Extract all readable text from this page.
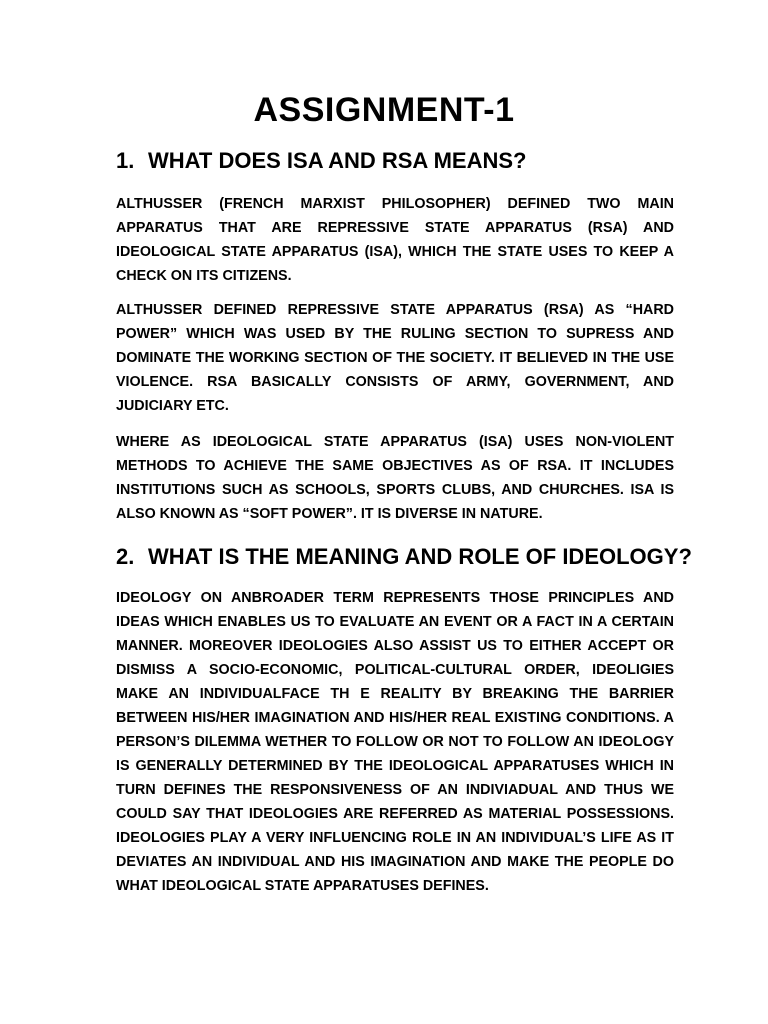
ASSIGNMENT-1
1. WHAT DOES ISA AND RSA MEANS?

ALTHUSSER (FRENCH MARXIST PHILOSOPHER) DEFINED TWO MAIN APPARATUS THAT ARE REPRESSIVE STATE APPARATUS (RSA) AND IDEOLOGICAL STATE APPARATUS (ISA), WHICH THE STATE USES TO KEEP A CHECK ON ITS CITIZENS.

ALTHUSSER DEFINED REPRESSIVE STATE APPARATUS (RSA) AS “HARD POWER” WHICH WAS USED BY THE RULING SECTION TO SUPRESS AND DOMINATE THE WORKING SECTION OF THE SOCIETY. IT BELIEVED IN THE USE VIOLENCE. RSA BASICALLY CONSISTS OF ARMY, GOVERNMENT, AND JUDICIARY ETC.

WHERE AS IDEOLOGICAL STATE APPARATUS (ISA) USES NON-VIOLENT METHODS TO ACHIEVE THE SAME OBJECTIVES AS OF RSA. IT INCLUDES INSTITUTIONS SUCH AS SCHOOLS, SPORTS CLUBS, AND CHURCHES. ISA IS ALSO KNOWN AS “SOFT POWER”. IT IS DIVERSE IN NATURE.

2. WHAT IS THE MEANING AND ROLE OF IDEOLOGY?

IDEOLOGY ON ANBROADER TERM REPRESENTS THOSE PRINCIPLES AND IDEAS WHICH ENABLES US TO EVALUATE AN EVENT OR A FACT IN A CERTAIN MANNER. MOREOVER IDEOLOGIES ALSO ASSIST US TO EITHER ACCEPT OR DISMISS A SOCIO-ECONOMIC, POLITICAL-CULTURAL ORDER, IDEOLIGIES MAKE AN INDIVIDUALFACE TH E REALITY BY BREAKING THE BARRIER BETWEEN HIS/HER IMAGINATION AND HIS/HER REAL EXISTING CONDITIONS. A PERSON’S DILEMMA WETHER TO FOLLOW OR NOT TO FOLLOW AN IDEOLOGY IS GENERALLY DETERMINED BY THE IDEOLOGICAL APPARATUSES WHICH IN TURN DEFINES THE RESPONSIVENESS OF AN INDIVIADUAL AND THUS WE COULD SAY THAT IDEOLOGIES ARE REFERRED AS MATERIAL POSSESSIONS. IDEOLOGIES PLAY A VERY INFLUENCING ROLE IN AN INDIVIDUAL’S LIFE AS IT DEVIATES AN INDIVIDUAL AND HIS IMAGINATION AND MAKE THE PEOPLE DO WHAT IDEOLOGICAL STATE APPARATUSES DEFINES.
